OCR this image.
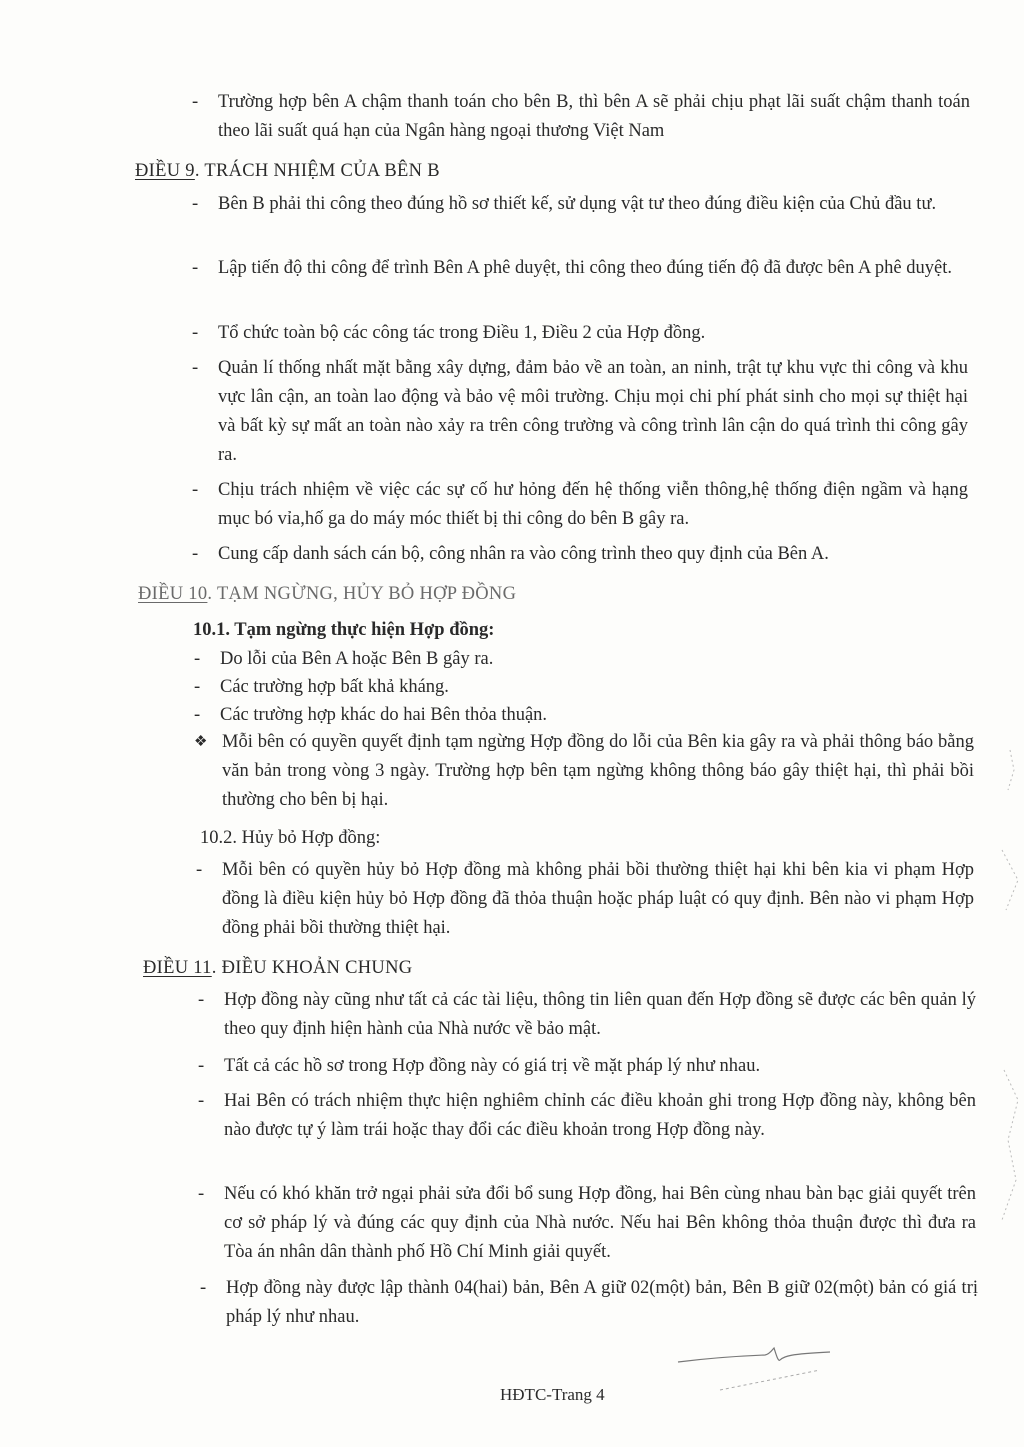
- Trường hợp bên A chậm thanh toán cho bên B, thì bên A sẽ phải chịu phạt lãi suất chậm thanh toán theo lãi suất quá hạn của Ngân hàng ngoại thương Việt Nam
ĐIỀU 9. TRÁCH NHIỆM CỦA BÊN B
- Bên B phải thi công theo đúng hồ sơ thiết kế, sử dụng vật tư theo đúng điều kiện của Chủ đầu tư.
- Lập tiến độ thi công để trình Bên A phê duyệt, thi công theo đúng tiến độ đã được bên A phê duyệt.
- Tổ chức toàn bộ các công tác trong Điều 1, Điều 2 của Hợp đồng.
- Quản lí thống nhất mặt bằng xây dựng, đảm bảo về an toàn, an ninh, trật tự khu vực thi công và khu vực lân cận, an toàn lao động và bảo vệ môi trường. Chịu mọi chi phí phát sinh cho mọi sự thiệt hại và bất kỳ sự mất an toàn nào xảy ra trên công trường và công trình lân cận do quá trình thi công gây ra.
- Chịu trách nhiệm về việc các sự cố hư hỏng đến hệ thống viễn thông,hệ thống điện ngầm và hạng mục bó vỉa,hố ga do máy móc thiết bị thi công do bên B gây ra.
- Cung cấp danh sách cán bộ, công nhân ra vào công trình theo quy định của Bên A.
ĐIỀU 10. TẠM NGỪNG, HỦY BỎ HỢP ĐỒNG
10.1. Tạm ngừng thực hiện Hợp đồng:
- Do lỗi của Bên A hoặc Bên B gây ra.
- Các trường hợp bất khả kháng.
- Các trường hợp khác do hai Bên thỏa thuận.
❖ Mỗi bên có quyền quyết định tạm ngừng Hợp đồng do lỗi của Bên kia gây ra và phải thông báo bằng văn bản trong vòng 3 ngày. Trường hợp bên tạm ngừng không thông báo gây thiệt hại, thì phải bồi thường cho bên bị hại.
10.2. Hủy bỏ Hợp đồng:
- Mỗi bên có quyền hủy bỏ Hợp đồng mà không phải bồi thường thiệt hại khi bên kia vi phạm Hợp đồng là điều kiện hủy bỏ Hợp đồng đã thỏa thuận hoặc pháp luật có quy định. Bên nào vi phạm Hợp đồng phải bồi thường thiệt hại.
ĐIỀU 11. ĐIỀU KHOẢN CHUNG
- Hợp đồng này cũng như tất cả các tài liệu, thông tin liên quan đến Hợp đồng sẽ được các bên quản lý theo quy định hiện hành của Nhà nước về bảo mật.
- Tất cả các hồ sơ trong Hợp đồng này có giá trị về mặt pháp lý như nhau.
- Hai Bên có trách nhiệm thực hiện nghiêm chỉnh các điều khoản ghi trong Hợp đồng này, không bên nào được tự ý làm trái hoặc thay đổi các điều khoản trong Hợp đồng này.
- Nếu có khó khăn trở ngại phải sửa đổi bổ sung Hợp đồng, hai Bên cùng nhau bàn bạc giải quyết trên cơ sở pháp lý và đúng các quy định của Nhà nước. Nếu hai Bên không thỏa thuận được thì đưa ra Tòa án nhân dân thành phố Hồ Chí Minh giải quyết.
- Hợp đồng này được lập thành 04(hai) bản, Bên A giữ 02(một) bản, Bên B giữ 02(một) bản có giá trị pháp lý như nhau.
HĐTC-Trang 4
